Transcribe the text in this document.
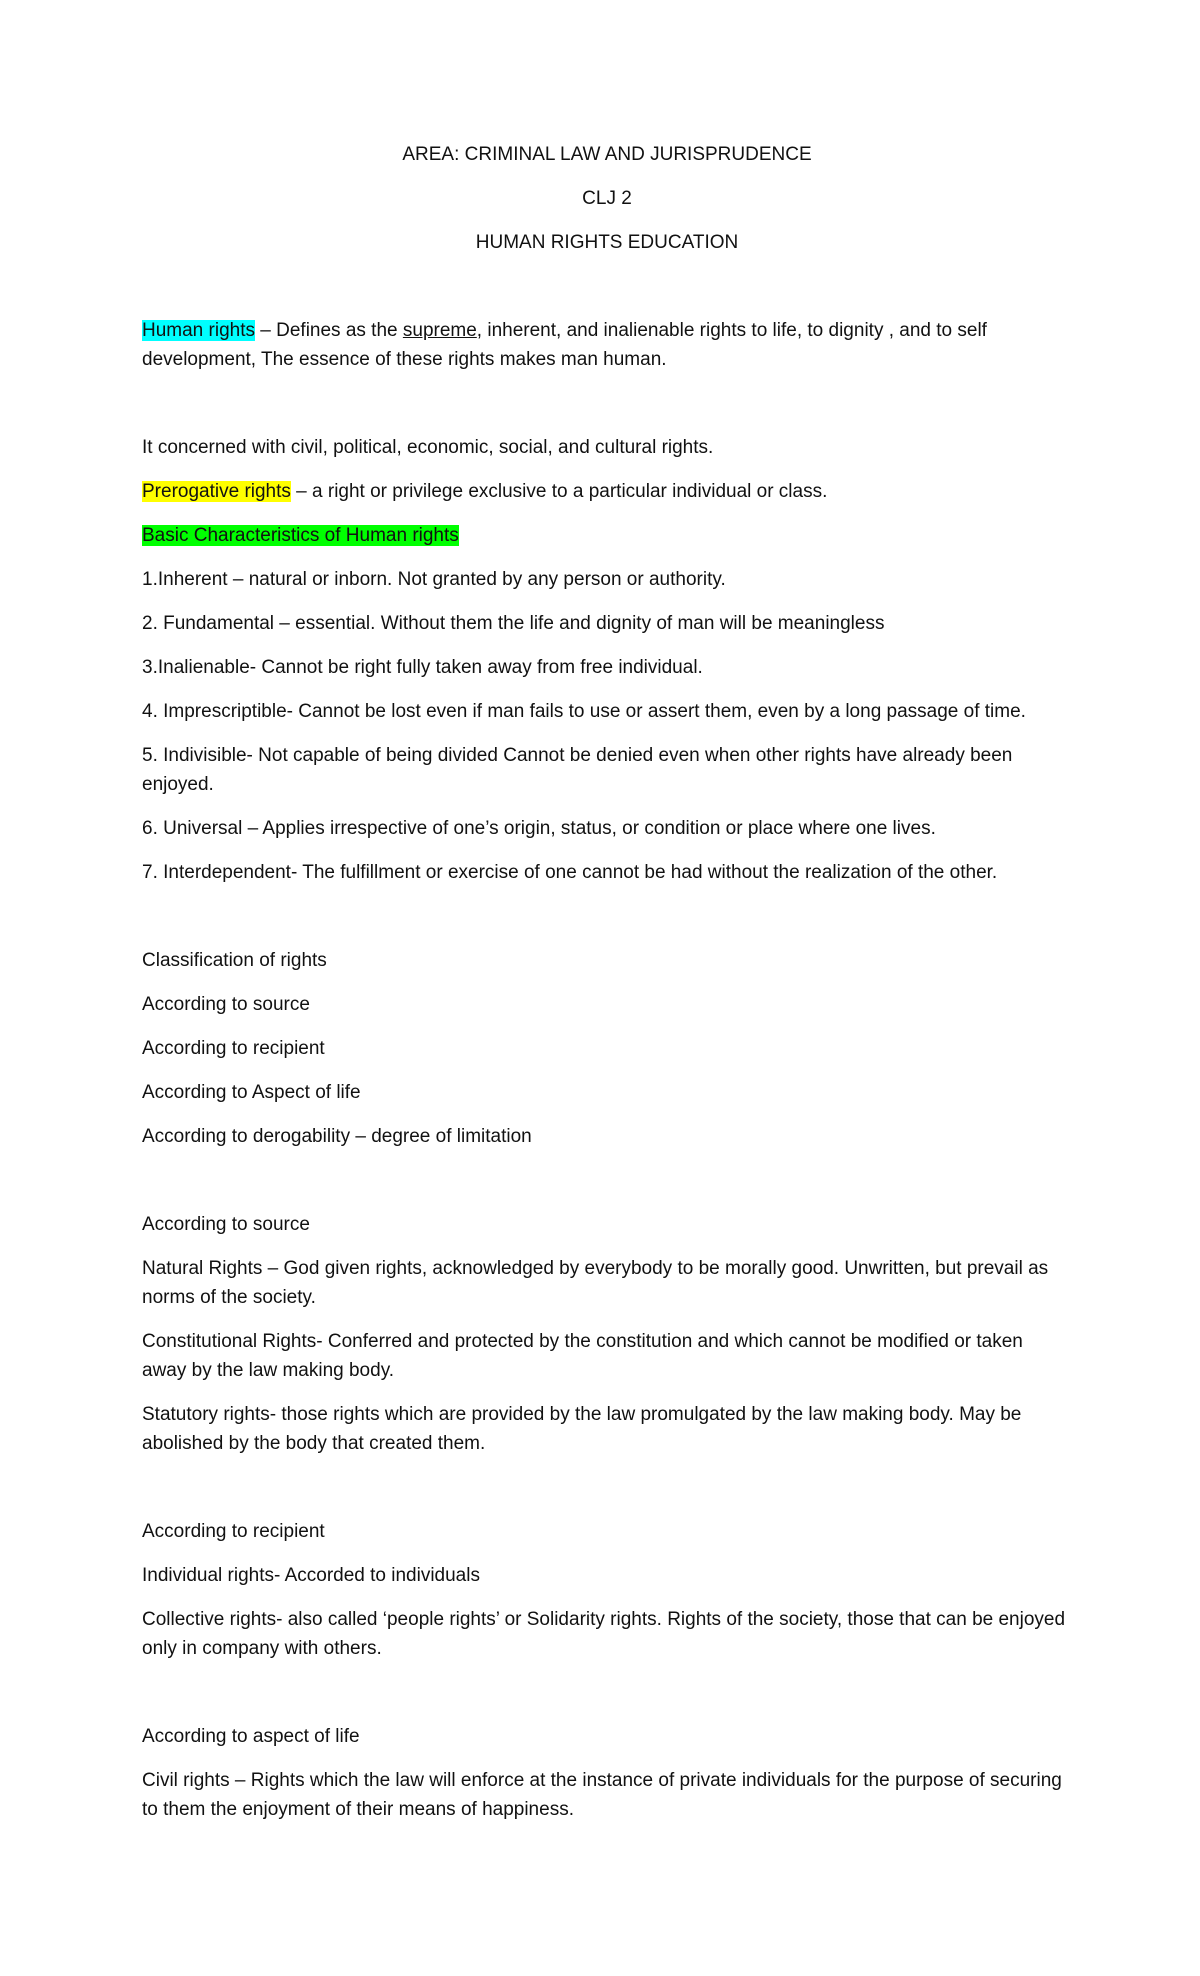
AREA: CRIMINAL LAW AND JURISPRUDENCE

CLJ 2

HUMAN RIGHTS EDUCATION

Human rights – Defines as the supreme, inherent, and inalienable rights to life, to dignity , and to self development, The essence of these rights makes man human.

It concerned with civil, political, economic, social, and cultural rights.

Prerogative rights – a right or privilege exclusive to a particular individual or class.

Basic Characteristics of Human rights

1.Inherent – natural or inborn. Not granted by any person or authority.

2. Fundamental – essential. Without them the life and dignity of man will be meaningless

3.Inalienable- Cannot be right fully taken away from free individual.

4. Imprescriptible- Cannot be lost even if man fails to use or assert them, even by a long passage of time.

5. Indivisible- Not capable of being divided Cannot be denied even when other rights have already been enjoyed.

6. Universal – Applies irrespective of one’s origin, status, or condition or place where one lives.

7. Interdependent- The fulfillment or exercise of one cannot be had without the realization of the other.

Classification of rights

According to source

According to recipient

According to Aspect of life

According to derogability – degree of limitation

According to source

Natural Rights – God given rights, acknowledged by everybody to be morally good. Unwritten, but prevail as norms of the society.

Constitutional Rights- Conferred and protected by the constitution and which cannot be modified or taken away by the law making body.

Statutory rights- those rights which are provided by the law promulgated by the law making body. May be abolished by the body that created them.

According to recipient

Individual rights- Accorded to individuals

Collective rights- also called ‘people rights’ or Solidarity rights. Rights of the society, those that can be enjoyed only in company with others.

According to aspect of life

Civil rights – Rights which the law will enforce at the instance of private individuals for the purpose of securing to them the enjoyment of their means of happiness.
